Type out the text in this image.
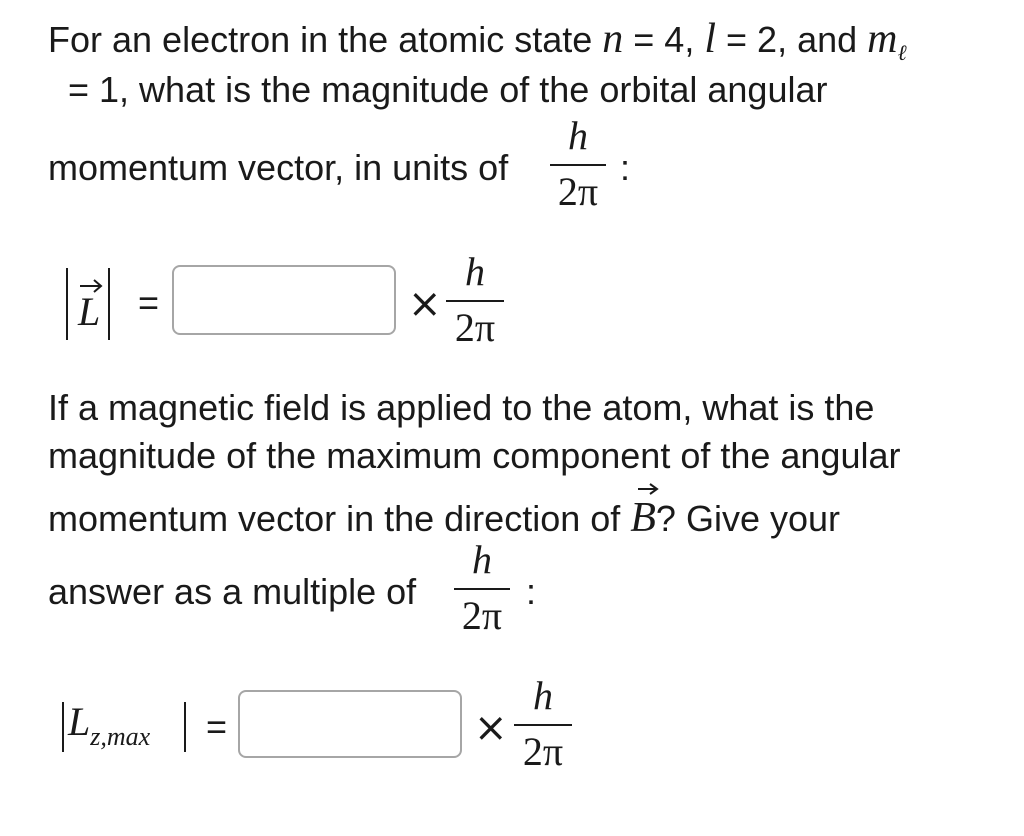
For an electron in the atomic state n = 4, l = 2, and $m_\ell$
= 1, what is the magnitude of the orbital angular
momentum vector, in units of
h
2π
:
L =	×
h
2π
If a magnetic field is applied to the atom, what is the
magnitude of the maximum component of the angular
momentum vector in the direction of
B? Give your
answer as a multiple of
h
2π
:
Lz,max =	×
h
2π
